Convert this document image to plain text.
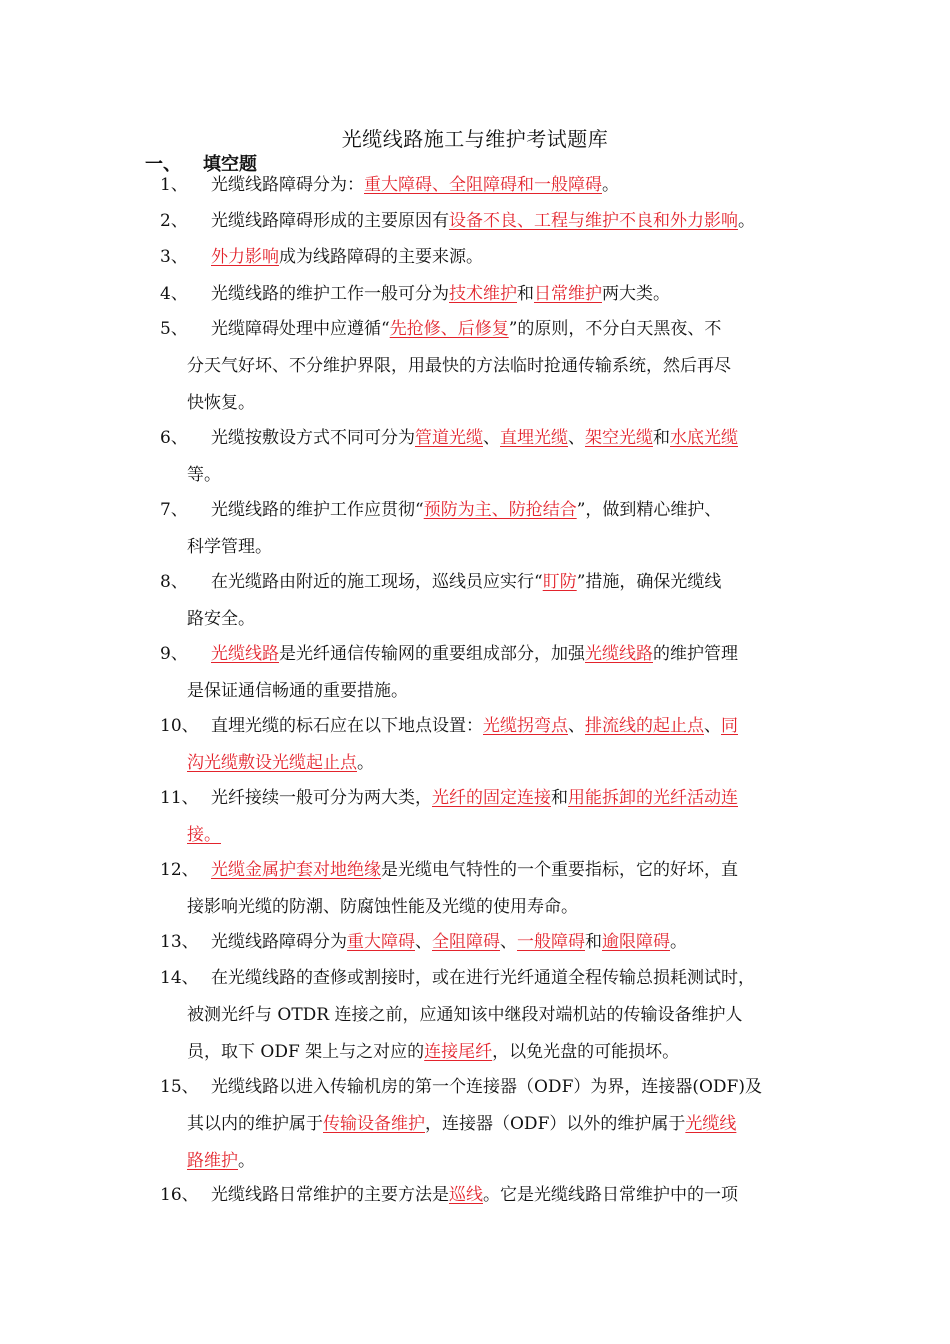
光缆线路施工与维护考试题库
一、 填空题
1、	光缆线路障碍分为：重大障碍、全阻障碍和一般障碍。
2、	光缆线路障碍形成的主要原因有设备不良、工程与维护不良和外力影响。
3、	外力影响成为线路障碍的主要来源。
4、	光缆线路的维护工作一般可分为技术维护和日常维护两大类。
5、	光缆障碍处理中应遵循“先抢修、后修复”的原则，不分白天黑夜、不
分天气好坏、不分维护界限，用最快的方法临时抢通传输系统，然后再尽
快恢复。
6、	光缆按敷设方式不同可分为管道光缆、直埋光缆、架空光缆和水底光缆
等。
7、	光缆线路的维护工作应贯彻“预防为主、防抢结合”，做到精心维护、
科学管理。
8、	在光缆路由附近的施工现场，巡线员应实行“盯防”措施，确保光缆线
路安全。
9、	光缆线路是光纤通信传输网的重要组成部分，加强光缆线路的维护管理
是保证通信畅通的重要措施。
10、 直埋光缆的标石应在以下地点设置：光缆拐弯点、排流线的起止点、同
沟光缆敷设光缆起止点。
11、 光纤接续一般可分为两大类，光纤的固定连接和用能拆卸的光纤活动连
接。
12、 光缆金属护套对地绝缘是光缆电气特性的一个重要指标，它的好坏，直
接影响光缆的防潮、防腐蚀性能及光缆的使用寿命。
13、 光缆线路障碍分为重大障碍、全阻障碍、一般障碍和逾限障碍。
14、 在光缆线路的查修或割接时，或在进行光纤通道全程传输总损耗测试时，
被测光纤与 OTDR 连接之前，应通知该中继段对端机站的传输设备维护人
员，取下 ODF 架上与之对应的连接尾纤，以免光盘的可能损坏。
15、 光缆线路以进入传输机房的第一个连接器（ODF）为界，连接器(ODF)及
其以内的维护属于传输设备维护，连接器（ODF）以外的维护属于光缆线
路维护。
16、 光缆线路日常维护的主要方法是巡线。它是光缆线路日常维护中的一项
